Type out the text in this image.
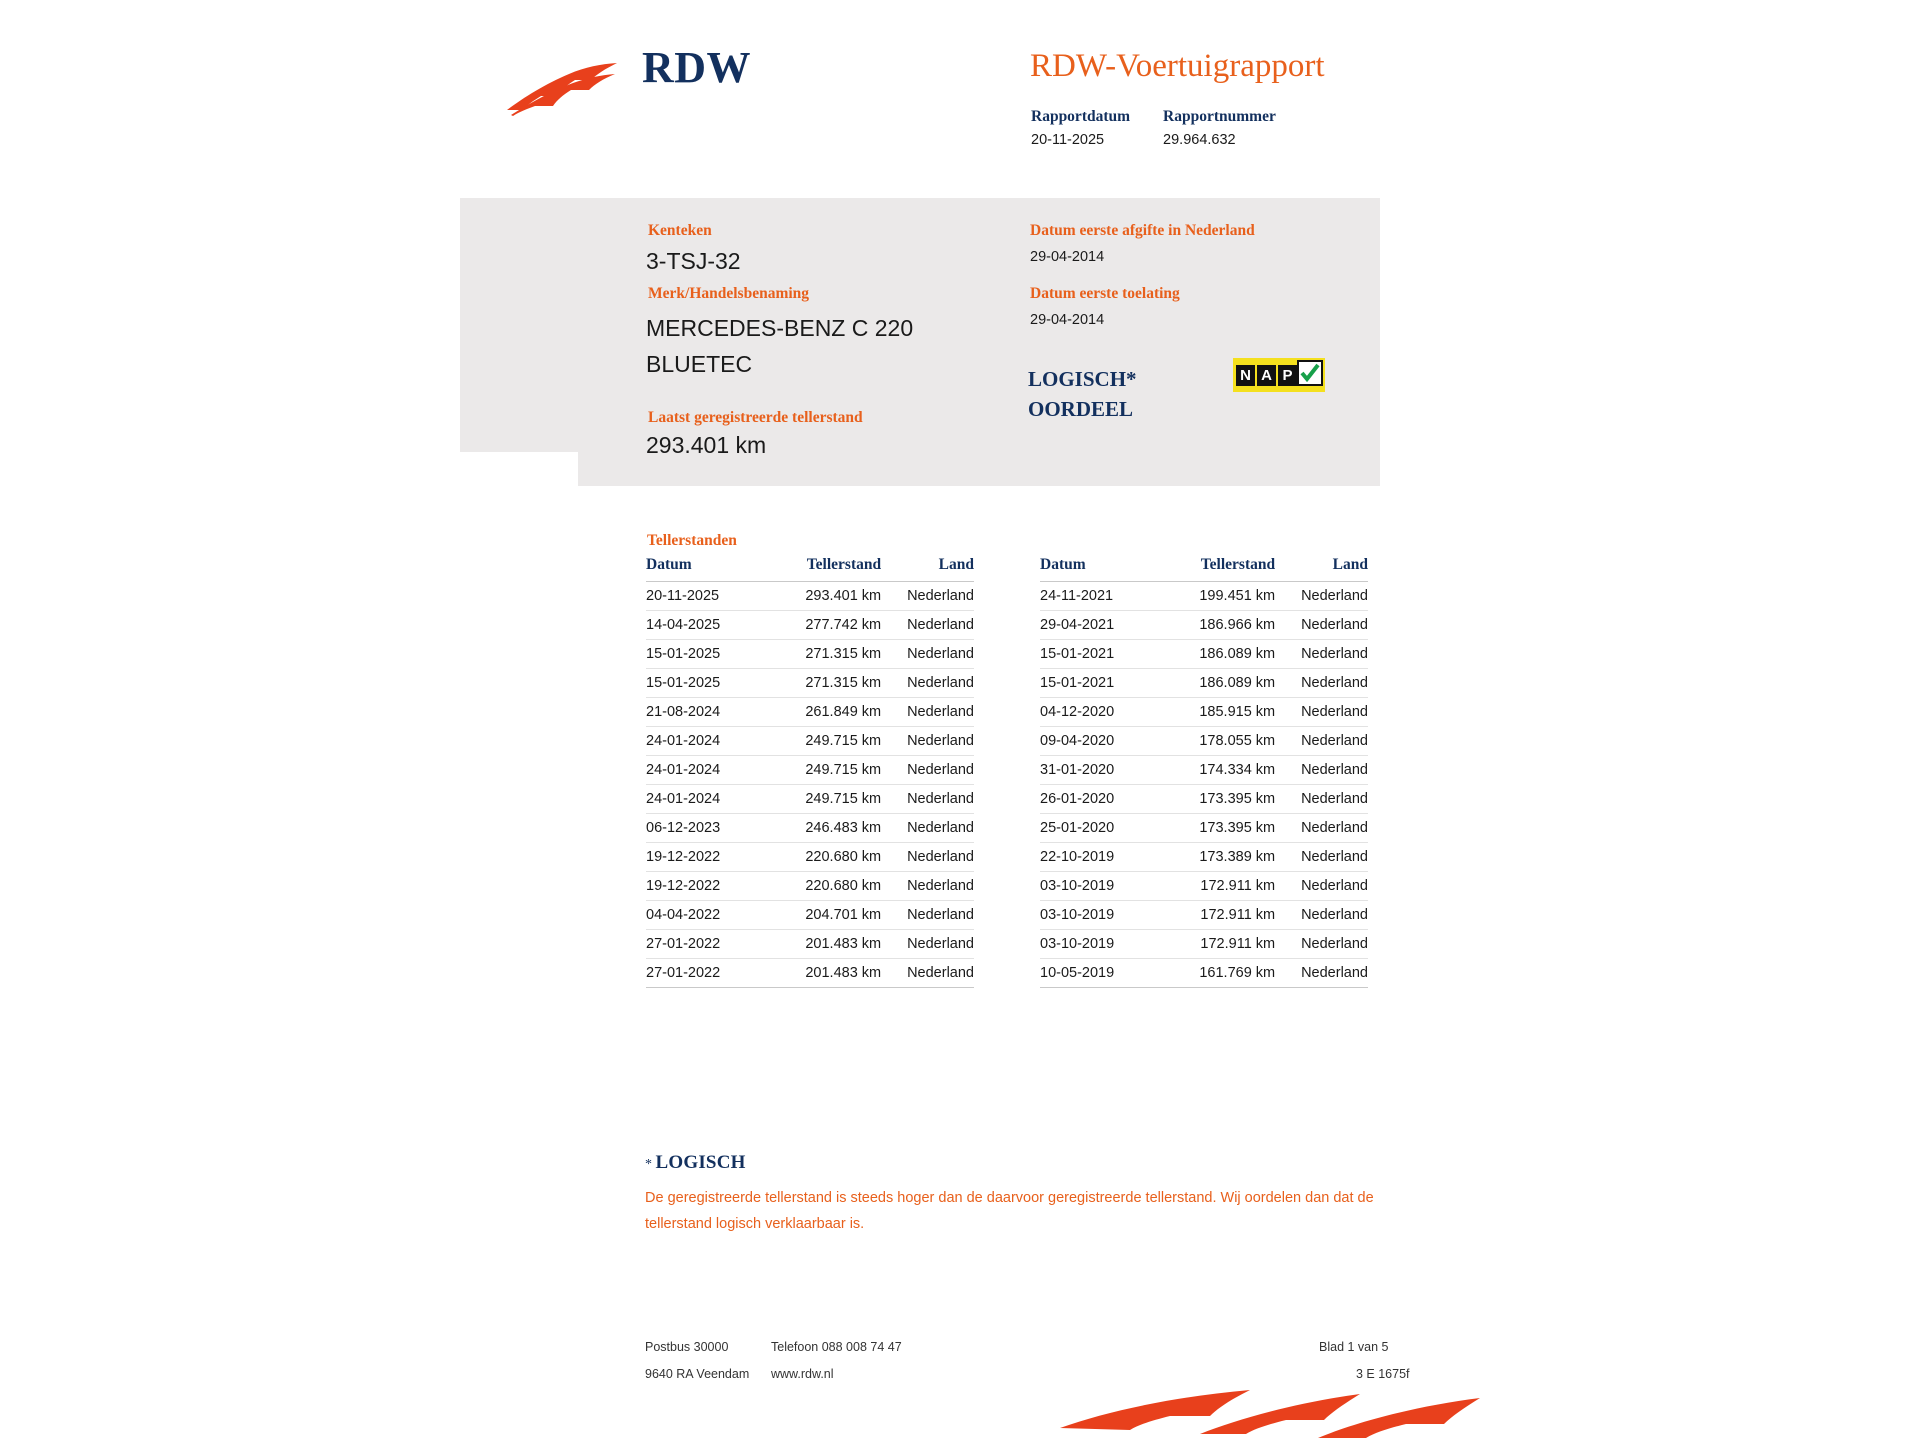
RDW	RDW-Voertuigrapport
Rapportdatum
20-11-2025

Rapportnummer
29.964.632
Kenteken
3-TSJ-32
Merk/Handelsbenaming
MERCEDES-BENZ C 220 BLUETEC
Laatst geregistreerde tellerstand
293.401 km
Datum eerste afgifte in Nederland
29-04-2014
Datum eerste toelating
29-04-2014
LOGISCH* OORDEEL
N A P
Tellerstanden
Datum	Tellerstand	Land
20-11-2025	293.401 km	Nederland
14-04-2025	277.742 km	Nederland
15-01-2025	271.315 km	Nederland
15-01-2025	271.315 km	Nederland
21-08-2024	261.849 km	Nederland
24-01-2024	249.715 km	Nederland
24-01-2024	249.715 km	Nederland
24-01-2024	249.715 km	Nederland
06-12-2023	246.483 km	Nederland
19-12-2022	220.680 km	Nederland
19-12-2022	220.680 km	Nederland
04-04-2022	204.701 km	Nederland
27-01-2022	201.483 km	Nederland
27-01-2022	201.483 km	Nederland
Datum	Tellerstand	Land
24-11-2021	199.451 km	Nederland
29-04-2021	186.966 km	Nederland
15-01-2021	186.089 km	Nederland
15-01-2021	186.089 km	Nederland
04-12-2020	185.915 km	Nederland
09-04-2020	178.055 km	Nederland
31-01-2020	174.334 km	Nederland
26-01-2020	173.395 km	Nederland
25-01-2020	173.395 km	Nederland
22-10-2019	173.389 km	Nederland
03-10-2019	172.911 km	Nederland
03-10-2019	172.911 km	Nederland
03-10-2019	172.911 km	Nederland
10-05-2019	161.769 km	Nederland
* LOGISCH
De geregistreerde tellerstand is steeds hoger dan de daarvoor geregistreerde tellerstand. Wij oordelen dan dat de tellerstand logisch verklaarbaar is.
Postbus 30000
9640 RA Veendam
Telefoon 088 008 74 47
www.rdw.nl
Blad 1 van 5
3 E 1675f
